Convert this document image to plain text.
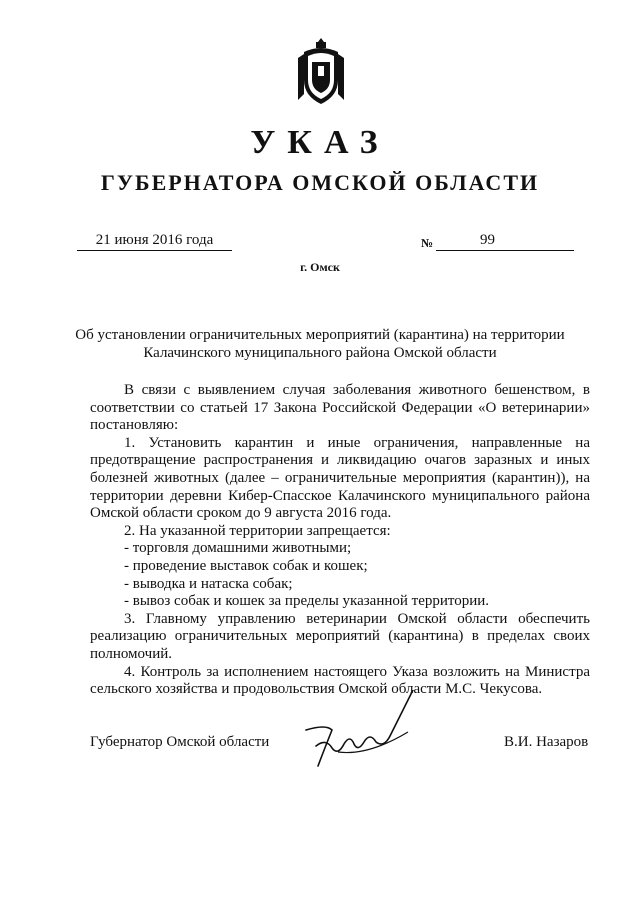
УКАЗ
ГУБЕРНАТОРА ОМСКОЙ ОБЛАСТИ
21 июня 2016 года	№	99
г. Омск
Об установлении ограничительных мероприятий (карантина) на территории
Калачинского муниципального района Омской области

В связи с выявлением случая заболевания животного бешенством, в соответствии со статьей 17 Закона Российской Федерации «О ветеринарии» постановляю:

1. Установить карантин и иные ограничения, направленные на предотвращение распространения и ликвидацию очагов заразных и иных болезней животных (далее – ограничительные мероприятия (карантин)), на территории деревни Кибер-Спасское Калачинского муниципального района Омской области сроком до 9 августа 2016 года.

2. На указанной территории запрещается:

- торговля домашними животными;

- проведение выставок собак и кошек;

- выводка и натаска собак;

- вывоз собак и кошек за пределы указанной территории.

3. Главному управлению ветеринарии Омской области обеспечить реализацию ограничительных мероприятий (карантина) в пределах своих полномочий.

4. Контроль за исполнением настоящего Указа возложить на Министра сельского хозяйства и продовольствия Омской области М.С. Чекусова.

Губернатор Омской области	В.И. Назаров
